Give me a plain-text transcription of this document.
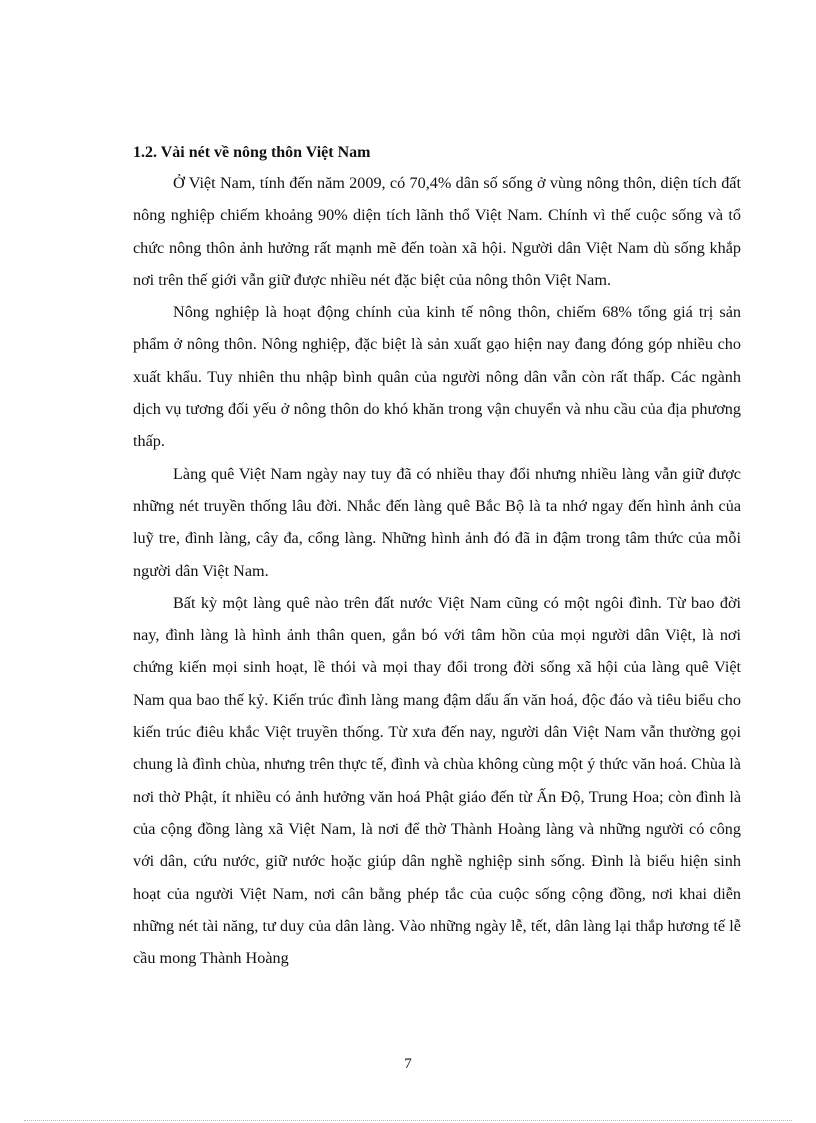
1.2. Vài nét về nông thôn Việt Nam

Ở Việt Nam, tính đến năm 2009, có 70,4% dân số sống ở vùng nông thôn, diện tích đất nông nghiệp chiếm khoảng 90% diện tích lãnh thổ Việt Nam. Chính vì thế cuộc sống và tổ chức nông thôn ảnh hưởng rất mạnh mẽ đến toàn xã hội. Người dân Việt Nam dù sống khắp nơi trên thế giới vẫn giữ được nhiều nét đặc biệt của nông thôn Việt Nam.

Nông nghiệp là hoạt động chính của kinh tế nông thôn, chiếm 68% tổng giá trị sản phẩm ở nông thôn. Nông nghiệp, đặc biệt là sản xuất gạo hiện nay đang đóng góp nhiều cho xuất khẩu. Tuy nhiên thu nhập bình quân của người nông dân vẫn còn rất thấp. Các ngành dịch vụ tương đối yếu ở nông thôn do khó khăn trong vận chuyển và nhu cầu của địa phương thấp.

Làng quê Việt Nam ngày nay tuy đã có nhiều thay đổi nhưng nhiều làng vẫn giữ được những nét truyền thống lâu đời. Nhắc đến làng quê Bắc Bộ là ta nhớ ngay đến hình ảnh của luỹ tre, đình làng, cây đa, cổng làng. Những hình ảnh đó đã in đậm trong tâm thức của mỗi người dân Việt Nam.

Bất kỳ một làng quê nào trên đất nước Việt Nam cũng có một ngôi đình. Từ bao đời nay, đình làng là hình ảnh thân quen, gắn bó với tâm hồn của mọi người dân Việt, là nơi chứng kiến mọi sinh hoạt, lề thói và mọi thay đổi trong đời sống xã hội của làng quê Việt Nam qua bao thế kỷ. Kiến trúc đình làng mang đậm dấu ấn văn hoá, độc đáo và tiêu biểu cho kiến trúc điêu khắc Việt truyền thống. Từ xưa đến nay, người dân Việt Nam vẫn thường gọi chung là đình chùa, nhưng trên thực tế, đình và chùa không cùng một ý thức văn hoá. Chùa là nơi thờ Phật, ít nhiều có ảnh hưởng văn hoá Phật giáo đến từ Ấn Độ, Trung Hoa; còn đình là của cộng đồng làng xã Việt Nam, là nơi để thờ Thành Hoàng làng và những người có công với dân, cứu nước, giữ nước hoặc giúp dân nghề nghiệp sinh sống. Đình là biểu hiện sinh hoạt của người Việt Nam, nơi cân bằng phép tắc của cuộc sống cộng đồng, nơi khai diễn những nét tài năng, tư duy của dân làng. Vào những ngày lễ, tết, dân làng lại thắp hương tế lễ cầu mong Thành Hoàng

7
